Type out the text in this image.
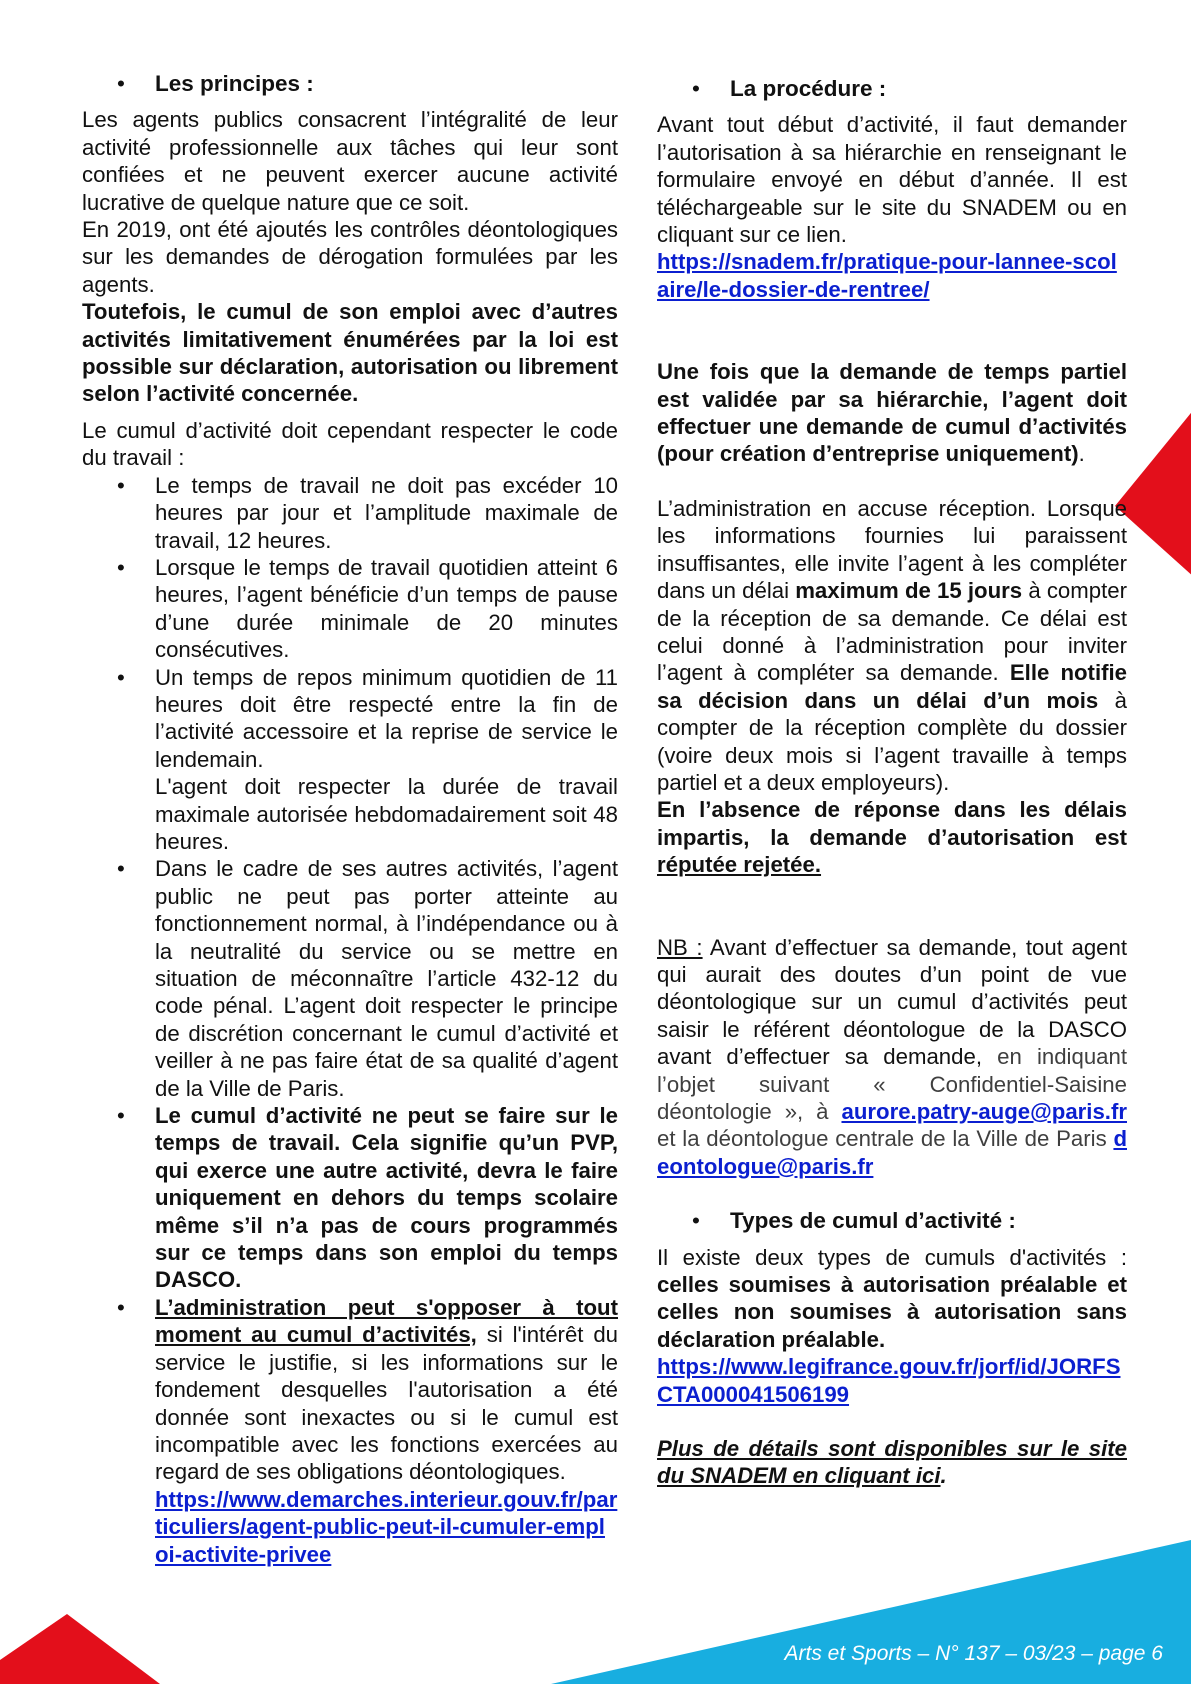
Arts et Sports – N° 137 – 03/23 – page 6
• Les principes :

Les agents publics consacrent l’intégralité de leur activité professionnelle aux tâches qui leur sont confiées et ne peuvent exercer aucune activité lucrative de quelque nature que ce soit.

En 2019, ont été ajoutés les contrôles déontologiques sur les demandes de dérogation formulées par les agents.

Toutefois, le cumul de son emploi avec d’autres activités limitativement énumérées par la loi est possible sur déclaration, autorisation ou librement selon l’activité concernée.

Le cumul d’activité doit cependant respecter le code du travail :

• Le temps de travail ne doit pas excéder 10 heures par jour et l’amplitude maximale de travail, 12 heures.
• Lorsque le temps de travail quotidien atteint 6 heures, l’agent bénéficie d’un temps de pause d’une durée minimale de 20 minutes consécutives.
• Un temps de repos minimum quotidien de 11 heures doit être respecté entre la fin de l’activité accessoire et la reprise de service le lendemain.
L'agent doit respecter la durée de travail maximale autorisée hebdomadairement soit 48 heures.
• Dans le cadre de ses autres activités, l’agent public ne peut pas porter atteinte au fonctionnement normal, à l’indépendance ou à la neutralité du service ou se mettre en situation de méconnaître l’article 432-12 du code pénal. L’agent doit respecter le principe de discrétion concernant le cumul d’activité et veiller à ne pas faire état de sa qualité d’agent de la Ville de Paris.
• Le cumul d’activité ne peut se faire sur le temps de travail. Cela signifie qu’un PVP, qui exerce une autre activité, devra le faire uniquement en dehors du temps scolaire même s’il n’a pas de cours programmés sur ce temps dans son emploi du temps DASCO.
• L’administration peut s'opposer à tout moment au cumul d’activités, si l'intérêt du service le justifie, si les informations sur le fondement desquelles l'autorisation a été donnée sont inexactes ou si le cumul est incompatible avec les fonctions exercées au regard de ses obligations déontologiques.
https://www.demarches.interieur.gouv.fr/particuliers/agent-public-peut-il-cumuler-emploi-activite-privee
• La procédure :

Avant tout début d’activité, il faut demander l’autorisation à sa hiérarchie en renseignant le formulaire envoyé en début d’année. Il est téléchargeable sur le site du SNADEM ou en cliquant sur ce lien.

https://snadem.fr/pratique-pour-lannee-scolaire/le-dossier-de-rentree/

Une fois que la demande de temps partiel est validée par sa hiérarchie, l’agent doit effectuer une demande de cumul d’activités (pour création d’entreprise uniquement).

L’administration en accuse réception. Lorsque les informations fournies lui paraissent insuffisantes, elle invite l’agent à les compléter dans un délai maximum de 15 jours à compter de la réception de sa demande. Ce délai est celui donné à l’administration pour inviter l’agent à compléter sa demande. Elle notifie sa décision dans un délai d’un mois à compter de la réception complète du dossier (voire deux mois si l’agent travaille à temps partiel et a deux employeurs).

En l’absence de réponse dans les délais impartis, la demande d’autorisation est réputée rejetée.

NB : Avant d’effectuer sa demande, tout agent qui aurait des doutes d’un point de vue déontologique sur un cumul d’activités peut saisir le référent déontologue de la DASCO avant d’effectuer sa demande, en indiquant l’objet suivant « Confidentiel-Saisine déontologie », à aurore.patry-auge@paris.fr et la déontologue centrale de la Ville de Paris deontologue@paris.fr

• Types de cumul d’activité :

Il existe deux types de cumuls d'activités : celles soumises à autorisation préalable et celles non soumises à autorisation sans déclaration préalable.

https://www.legifrance.gouv.fr/jorf/id/JORFSCTA000041506199

Plus de détails sont disponibles sur le site du SNADEM en cliquant ici.
